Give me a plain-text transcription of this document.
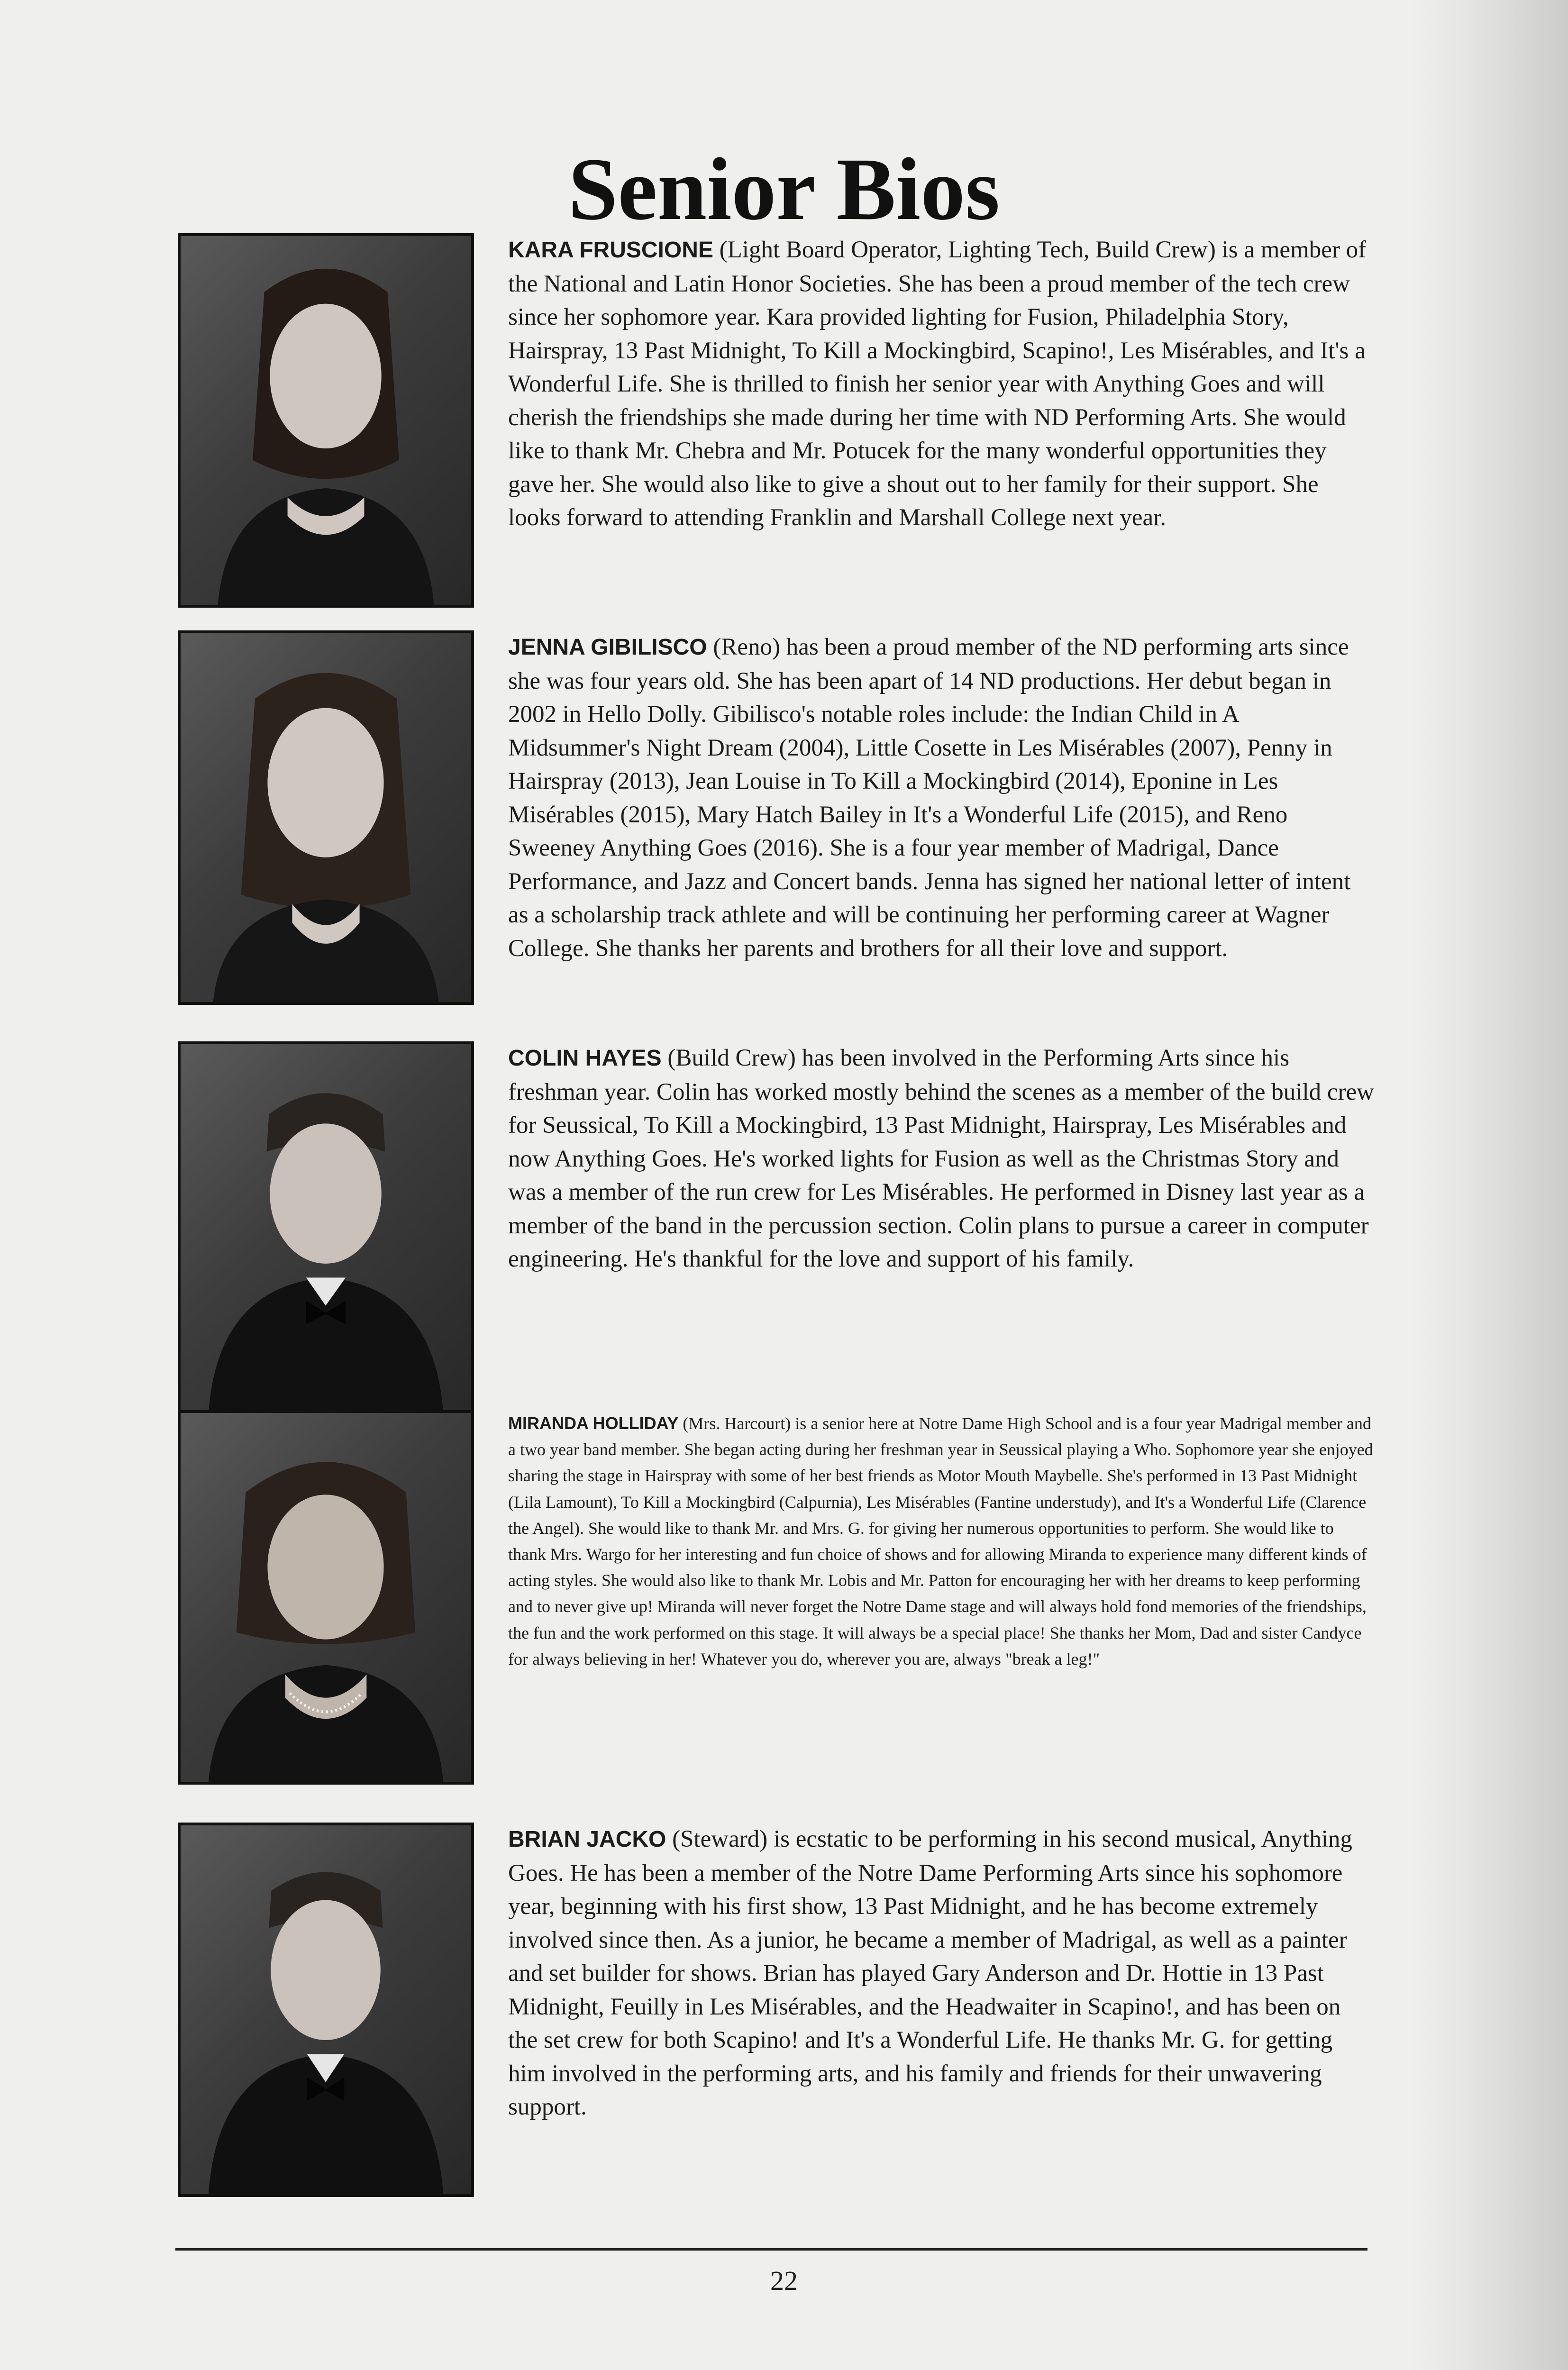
Senior Bios

KARA FRUSCIONE (Light Board Operator, Lighting Tech, Build Crew) is a member of the National and Latin Honor Societies. She has been a proud member of the tech crew since her sophomore year. Kara provided lighting for Fusion, Philadelphia Story, Hairspray, 13 Past Midnight, To Kill a Mockingbird, Scapino!, Les Misérables, and It's a Wonderful Life. She is thrilled to finish her senior year with Anything Goes and will cherish the friendships she made during her time with ND Performing Arts. She would like to thank Mr. Chebra and Mr. Potucek for the many wonderful opportunities they gave her. She would also like to give a shout out to her family for their support. She looks forward to attending Franklin and Marshall College next year.

JENNA GIBILISCO (Reno) has been a proud member of the ND performing arts since she was four years old. She has been apart of 14 ND productions. Her debut began in 2002 in Hello Dolly. Gibilisco's notable roles include: the Indian Child in A Midsummer's Night Dream (2004), Little Cosette in Les Misérables (2007), Penny in Hairspray (2013), Jean Louise in To Kill a Mockingbird (2014), Eponine in Les Misérables (2015), Mary Hatch Bailey in It's a Wonderful Life (2015), and Reno Sweeney Anything Goes (2016). She is a four year member of Madrigal, Dance Performance, and Jazz and Concert bands. Jenna has signed her national letter of intent as a scholarship track athlete and will be continuing her performing career at Wagner College. She thanks her parents and brothers for all their love and support.

COLIN HAYES (Build Crew) has been involved in the Performing Arts since his freshman year. Colin has worked mostly behind the scenes as a member of the build crew for Seussical, To Kill a Mockingbird, 13 Past Midnight, Hairspray, Les Misérables and now Anything Goes. He's worked lights for Fusion as well as the Christmas Story and was a member of the run crew for Les Misérables. He performed in Disney last year as a member of the band in the percussion section. Colin plans to pursue a career in computer engineering. He's thankful for the love and support of his family.

MIRANDA HOLLIDAY (Mrs. Harcourt) is a senior here at Notre Dame High School and is a four year Madrigal member and a two year band member. She began acting during her freshman year in Seussical playing a Who. Sophomore year she enjoyed sharing the stage in Hairspray with some of her best friends as Motor Mouth Maybelle. She's performed in 13 Past Midnight (Lila Lamount), To Kill a Mockingbird (Calpurnia), Les Misérables (Fantine understudy), and It's a Wonderful Life (Clarence the Angel). She would like to thank Mr. and Mrs. G. for giving her numerous opportunities to perform. She would like to thank Mrs. Wargo for her interesting and fun choice of shows and for allowing Miranda to experience many different kinds of acting styles. She would also like to thank Mr. Lobis and Mr. Patton for encouraging her with her dreams to keep performing and to never give up! Miranda will never forget the Notre Dame stage and will always hold fond memories of the friendships, the fun and the work performed on this stage. It will always be a special place! She thanks her Mom, Dad and sister Candyce for always believing in her! Whatever you do, wherever you are, always "break a leg!"

BRIAN JACKO (Steward) is ecstatic to be performing in his second musical, Anything Goes. He has been a member of the Notre Dame Performing Arts since his sophomore year, beginning with his first show, 13 Past Midnight, and he has become extremely involved since then. As a junior, he became a member of Madrigal, as well as a painter and set builder for shows. Brian has played Gary Anderson and Dr. Hottie in 13 Past Midnight, Feuilly in Les Misérables, and the Headwaiter in Scapino!, and has been on the set crew for both Scapino! and It's a Wonderful Life. He thanks Mr. G. for getting him involved in the performing arts, and his family and friends for their unwavering support.

22
